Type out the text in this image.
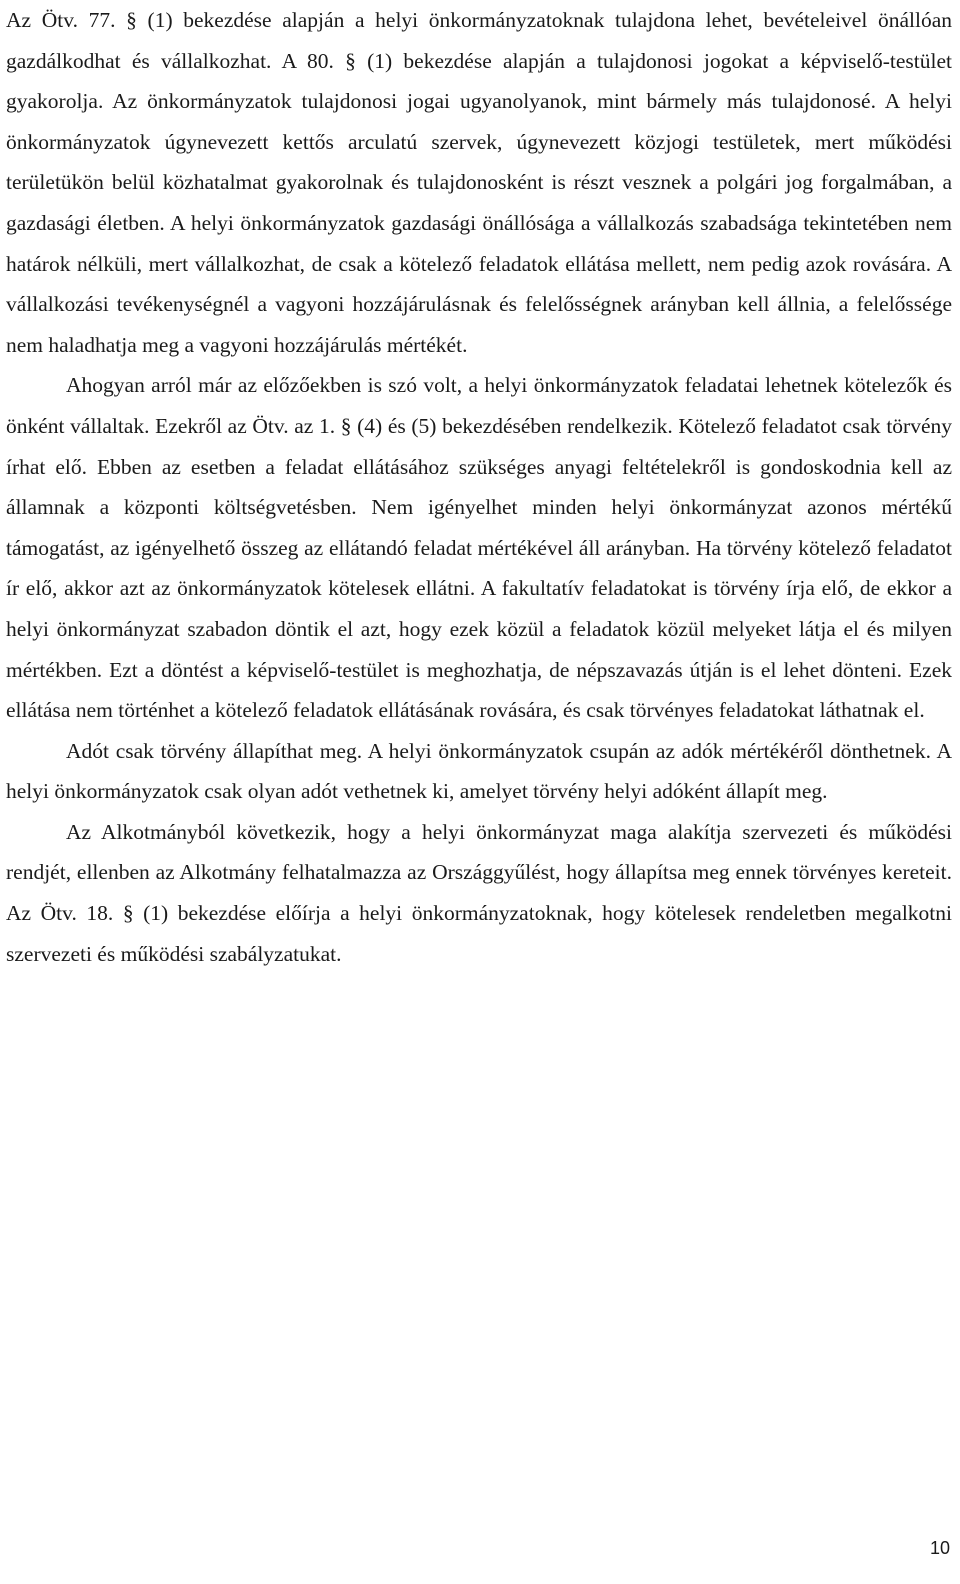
Az Ötv. 77. § (1) bekezdése alapján a helyi önkormányzatoknak tulajdona lehet, bevételeivel önállóan gazdálkodhat és vállalkozhat. A 80. § (1) bekezdése alapján a tulajdonosi jogokat a képviselő-testület gyakorolja. Az önkormányzatok tulajdonosi jogai ugyanolyanok, mint bármely más tulajdonosé. A helyi önkormányzatok úgynevezett kettős arculatú szervek, úgynevezett közjogi testületek, mert működési területükön belül közhatalmat gyakorolnak és tulajdonosként is részt vesznek a polgári jog forgalmában, a gazdasági életben. A helyi önkormányzatok gazdasági önállósága a vállalkozás szabadsága tekintetében nem határok nélküli, mert vállalkozhat, de csak a kötelező feladatok ellátása mellett, nem pedig azok rovására. A vállalkozási tevékenységnél a vagyoni hozzájárulásnak és felelősségnek arányban kell állnia, a felelőssége nem haladhatja meg a vagyoni hozzájárulás mértékét.

Ahogyan arról már az előzőekben is szó volt, a helyi önkormányzatok feladatai lehetnek kötelezők és önként vállaltak. Ezekről az Ötv. az 1. § (4) és (5) bekezdésében rendelkezik. Kötelező feladatot csak törvény írhat elő. Ebben az esetben a feladat ellátásához szükséges anyagi feltételekről is gondoskodnia kell az államnak a központi költségvetésben. Nem igényelhet minden helyi önkormányzat azonos mértékű támogatást, az igényelhető összeg az ellátandó feladat mértékével áll arányban. Ha törvény kötelező feladatot ír elő, akkor azt az önkormányzatok kötelesek ellátni. A fakultatív feladatokat is törvény írja elő, de ekkor a helyi önkormányzat szabadon döntik el azt, hogy ezek közül a feladatok közül melyeket látja el és milyen mértékben. Ezt a döntést a képviselő-testület is meghozhatja, de népszavazás útján is el lehet dönteni. Ezek ellátása nem történhet a kötelező feladatok ellátásának rovására, és csak törvényes feladatokat láthatnak el.

Adót csak törvény állapíthat meg. A helyi önkormányzatok csupán az adók mértékéről dönthetnek. A helyi önkormányzatok csak olyan adót vethetnek ki, amelyet törvény helyi adóként állapít meg.

Az Alkotmányból következik, hogy a helyi önkormányzat maga alakítja szervezeti és működési rendjét, ellenben az Alkotmány felhatalmazza az Országgyűlést, hogy állapítsa meg ennek törvényes kereteit. Az Ötv. 18. § (1) bekezdése előírja a helyi önkormányzatoknak, hogy kötelesek rendeletben megalkotni szervezeti és működési szabályzatukat.

10
